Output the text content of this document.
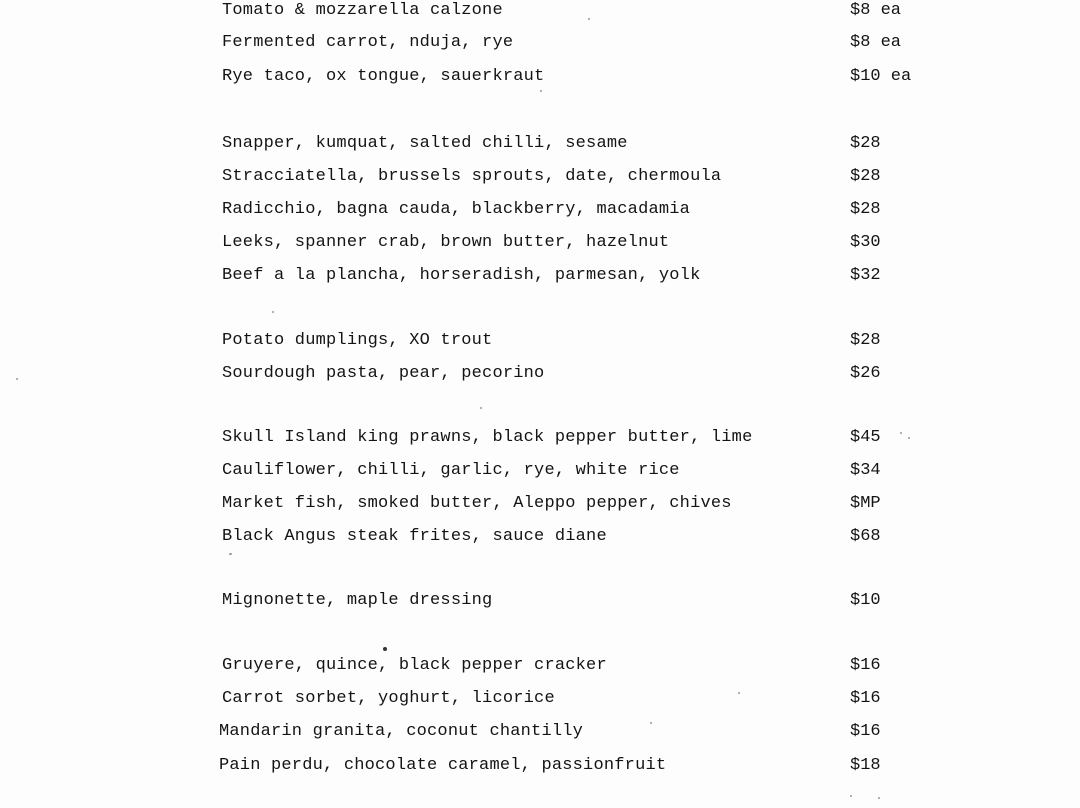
Tomato & mozzarella calzone	$8 ea
Fermented carrot, nduja, rye	$8 ea
Rye taco, ox tongue, sauerkraut	$10 ea
Snapper, kumquat, salted chilli, sesame	$28
Stracciatella, brussels sprouts, date, chermoula	$28
Radicchio, bagna cauda, blackberry, macadamia	$28
Leeks, spanner crab, brown butter, hazelnut	$30
Beef a la plancha, horseradish, parmesan, yolk	$32
Potato dumplings, XO trout	$28
Sourdough pasta, pear, pecorino	$26
Skull Island king prawns, black pepper butter, lime	$45
Cauliflower, chilli, garlic, rye, white rice	$34
Market fish, smoked butter, Aleppo pepper, chives	$MP
Black Angus steak frites, sauce diane	$68
Mignonette, maple dressing	$10
Gruyere, quince, black pepper cracker	$16
Carrot sorbet, yoghurt, licorice	$16
Mandarin granita, coconut chantilly	$16
Pain perdu, chocolate caramel, passionfruit	$18
